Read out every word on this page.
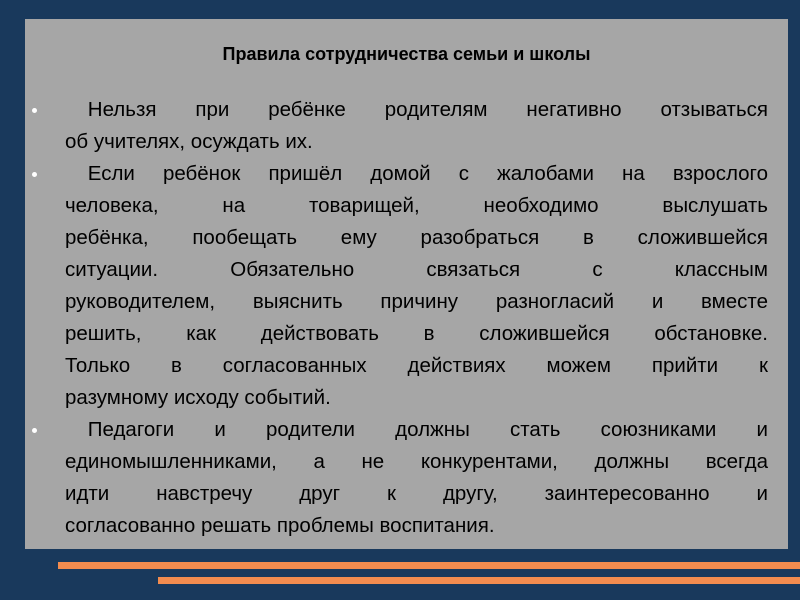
Правила сотрудничества семьи и школы
Нельзя при ребёнке родителям негативно отзываться
об учителях, осуждать их.
Если ребёнок пришёл домой с жалобами на взрослого
человека,	на	товарищей,	необходимо	выслушать
ребёнка, пообещать ему разобраться в сложившейся
ситуации.	Обязательно	связаться	с	классным
руководителем, выяснить причину разногласий и вместе
решить, как действовать в сложившейся обстановке.
Только в согласованных действиях можем прийти к
разумному исходу событий.
Педагоги и родители должны стать союзниками и
единомышленниками, а не конкурентами, должны всегда
идти навстречу друг к другу, заинтересованно и
согласованно решать проблемы воспитания.
